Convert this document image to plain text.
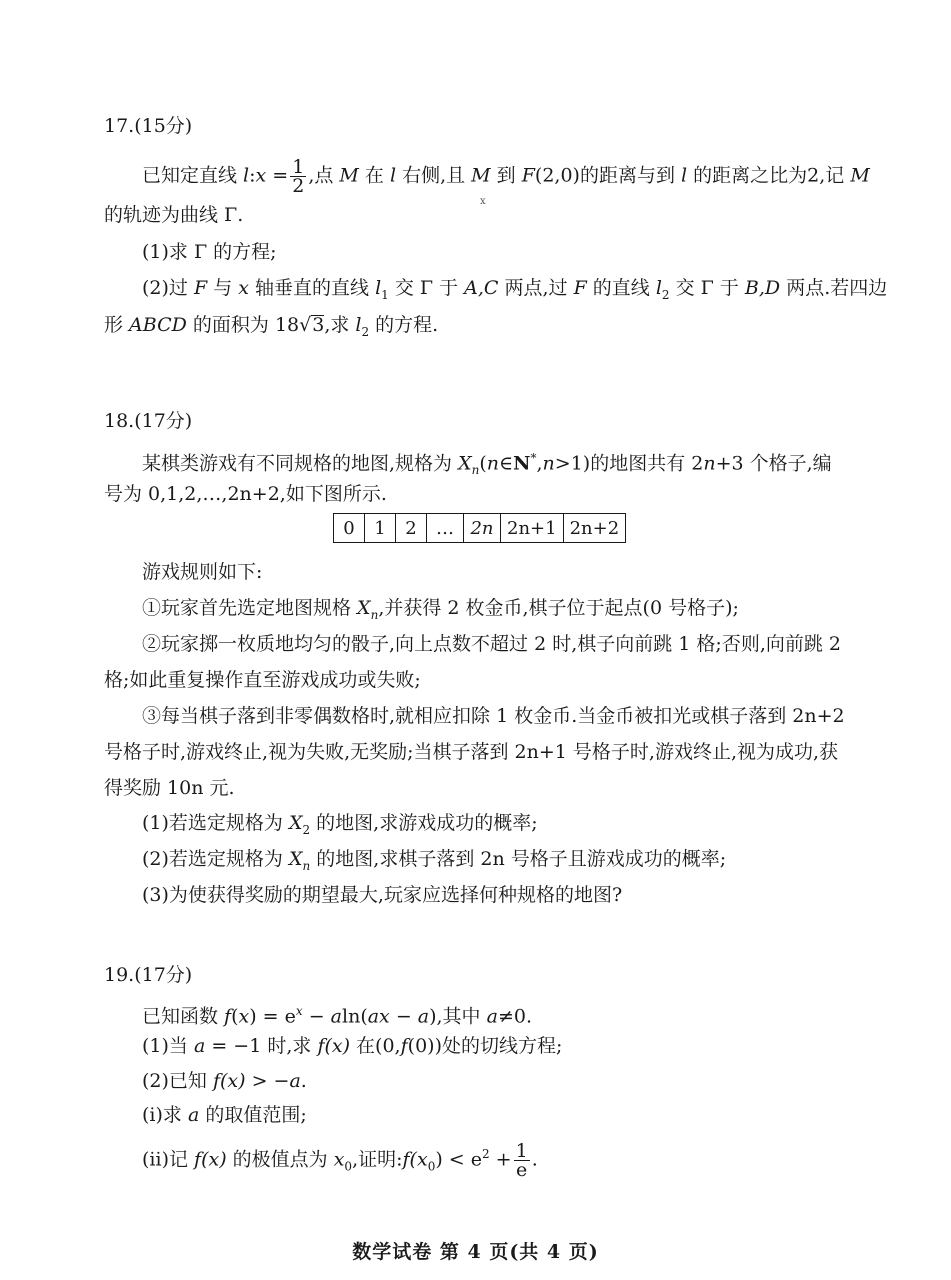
17.(15分)
已知定直线 l:x = $\frac{1}{2}$ ,点 M 在 l 右侧,且 M 到 F(2,0)的距离与到 l 的距离之比为2,记 M
的轨迹为曲线 Γ.
x
(1)求 Γ 的方程;
(2)过 F 与 x 轴垂直的直线 $l_1$ 交 Γ 于 A,C 两点,过 F 的直线 $l_2$ 交 Γ 于 B,D 两点.若四边
形 ABCD 的面积为 18√3,求 $l_2$ 的方程.
18.(17分)
某棋类游戏有不同规格的地图,规格为 $X_n(n\in N^*,n>1)$的地图共有 2n+3 个格子,编
号为 0,1,2,…,2n+2,如下图所示.
0	1	2	…	2n	2n+1	2n+2
游戏规则如下:
①玩家首先选定地图规格 $X_n$,并获得 2 枚金币,棋子位于起点(0 号格子);
②玩家掷一枚质地均匀的骰子,向上点数不超过 2 时,棋子向前跳 1 格;否则,向前跳 2
格;如此重复操作直至游戏成功或失败;
③每当棋子落到非零偶数格时,就相应扣除 1 枚金币.当金币被扣光或棋子落到 2n+2
号格子时,游戏终止,视为失败,无奖励;当棋子落到 2n+1 号格子时,游戏终止,视为成功,获
得奖励 10n 元.
(1)若选定规格为 $X_2$ 的地图,求游戏成功的概率;
(2)若选定规格为 $X_n$ 的地图,求棋子落到 2n 号格子且游戏成功的概率;
(3)为使获得奖励的期望最大,玩家应选择何种规格的地图?
19.(17分)
已知函数 $f(x) = e^x - aln(ax - a)$,其中 a≠0.
(1)当 a = −1 时,求 f(x) 在(0,f(0))处的切线方程;
(2)已知 f(x) > −a.
(ⅰ)求 a 的取值范围;
(ⅱ)记 f(x) 的极值点为 $x_0$,证明$:f(x_0) < e^2 + \frac{1}{e}$ .
数学试卷 第 4 页(共 4 页)
